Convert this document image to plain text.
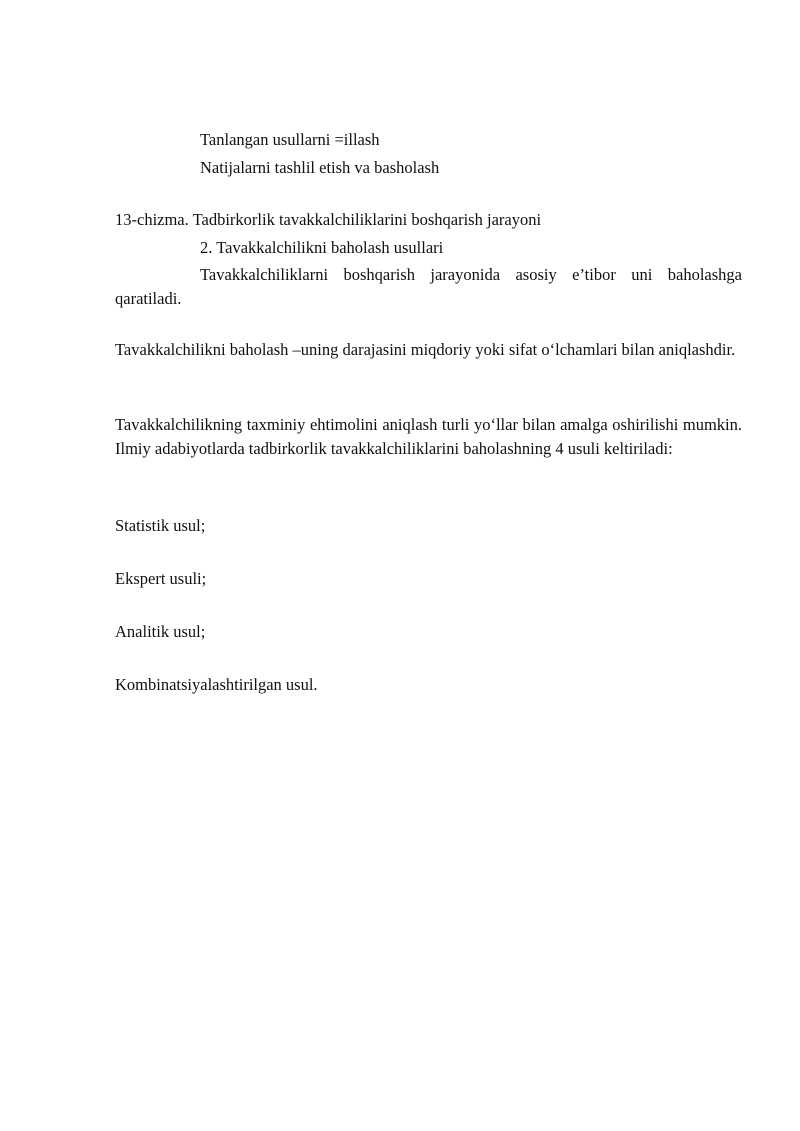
Tanlangan usullarni =illash
Natijalarni tashlil etish va basholash
13-chizma. Tadbirkorlik tavakkalchiliklarini boshqarish jarayoni
2. Tavakkalchilikni baholash usullari
Tavakkalchiliklarni boshqarish jarayonida asosiy e’tibor uni baholashga qaratiladi.
Tavakkalchilikni baholash –uning darajasini miqdoriy yoki sifat o‘lchamlari bilan aniqlashdir.
Tavakkalchilikning taxminiy ehtimolini aniqlash turli yo‘llar bilan amalga oshirilishi mumkin. Ilmiy adabiyotlarda tadbirkorlik tavakkalchiliklarini baholashning 4 usuli keltiriladi:
Statistik usul;
Ekspert usuli;
Analitik usul;
Kombinatsiyalashtirilgan usul.
